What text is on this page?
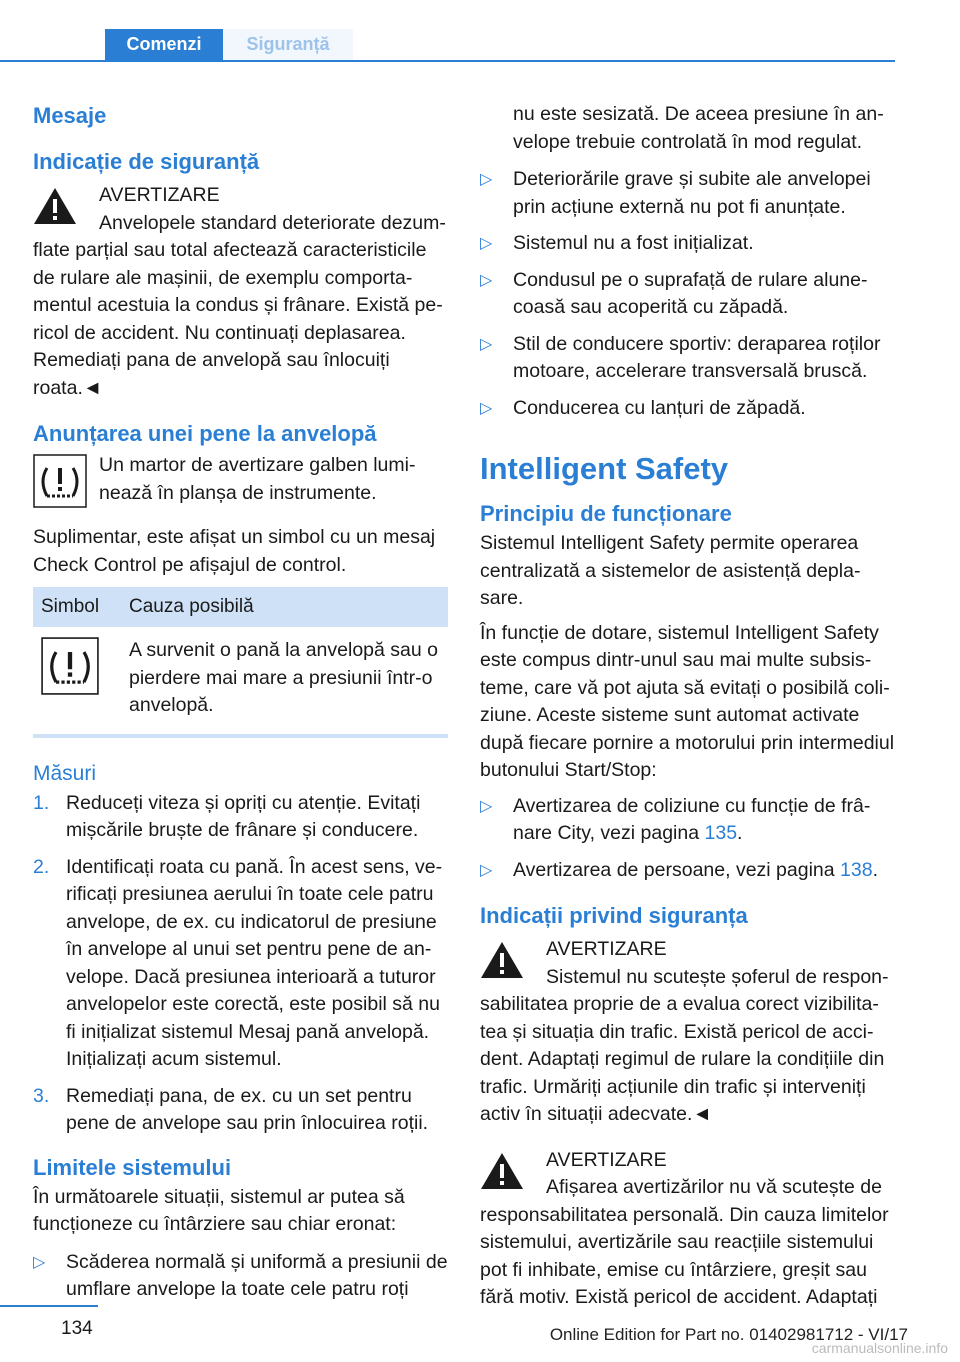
Comenzi	Siguranță
Mesaje
Indicație de siguranță

AVERTIZARE

Anvelopele standard deteriorate dezumflate parțial sau total afectează caracteristicile de rulare ale mașinii, de exemplu comportamentul acestuia la condus și frânare. Există pericol de accident. Nu continuați deplasarea. Remediați pana de anvelopă sau înlocuiți roata.◄

Anunțarea unei pene la anvelopă

Un martor de avertizare galben luminează în planșa de instrumente.

Suplimentar, este afișat un simbol cu un mesaj Check Control pe afișajul de control.

Simbol	Cauza posibilă
	A survenit o pană la anvelopă sau o pierdere mai mare a presiunii într-o anvelopă.
Măsuri
1. Reduceți viteza și opriți cu atenție. Evitați mișcările bruște de frânare și conducere.
2. Identificați roata cu pană. În acest sens, verificați presiunea aerului în toate cele patru anvelope, de ex. cu indicatorul de presiune în anvelope al unui set pentru pene de anvelope. Dacă presiunea interioară a tuturor anvelopelor este corectă, este posibil să nu fi inițializat sistemul Mesaj pană anvelopă. Inițializați acum sistemul.
3. Remediați pana, de ex. cu un set pentru pene de anvelope sau prin înlocuirea roții.
Limitele sistemului

În următoarele situații, sistemul ar putea să funcționeze cu întârziere sau chiar eronat:

▷ Scăderea normală și uniformă a presiunii de umflare anvelope la toate cele patru roți

nu este sesizată. De aceea presiune în anvelope trebuie controlată în mod regulat.

▷ Deteriorările grave și subite ale anvelopei prin acțiune externă nu pot fi anunțate.
▷ Sistemul nu a fost inițializat.
▷ Condusul pe o suprafață de rulare alunecoasă sau acoperită cu zăpadă.
▷ Stil de conducere sportiv: deraparea roților motoare, accelerare transversală bruscă.
▷ Conducerea cu lanțuri de zăpadă.
Intelligent Safety
Principiu de funcționare

Sistemul Intelligent Safety permite operarea centralizată a sistemelor de asistență deplasare.

În funcție de dotare, sistemul Intelligent Safety este compus dintr-unul sau mai multe subsisteme, care vă pot ajuta să evitați o posibilă coliziune. Aceste sisteme sunt automat activate după fiecare pornire a motorului prin intermediul butonului Start/Stop:

▷ Avertizarea de coliziune cu funcție de frânare City, vezi pagina 135.
▷ Avertizarea de persoane, vezi pagina 138.
Indicații privind siguranța

AVERTIZARE

Sistemul nu scutește șoferul de responsabilitatea proprie de a evalua corect vizibilitatea și situația din trafic. Există pericol de accident. Adaptați regimul de rulare la condițiile din trafic. Urmăriți acțiunile din trafic și interveniți activ în situații adecvate.◄

AVERTIZARE

Afișarea avertizărilor nu vă scutește de responsabilitatea personală. Din cauza limitelor sistemului, avertizările sau reacțiile sistemului pot fi inhibate, emise cu întârziere, greșit sau fără motiv. Există pericol de accident. Adaptați

134	Online Edition for Part no. 01402981712 - VI/17
carmanualsonline.info
